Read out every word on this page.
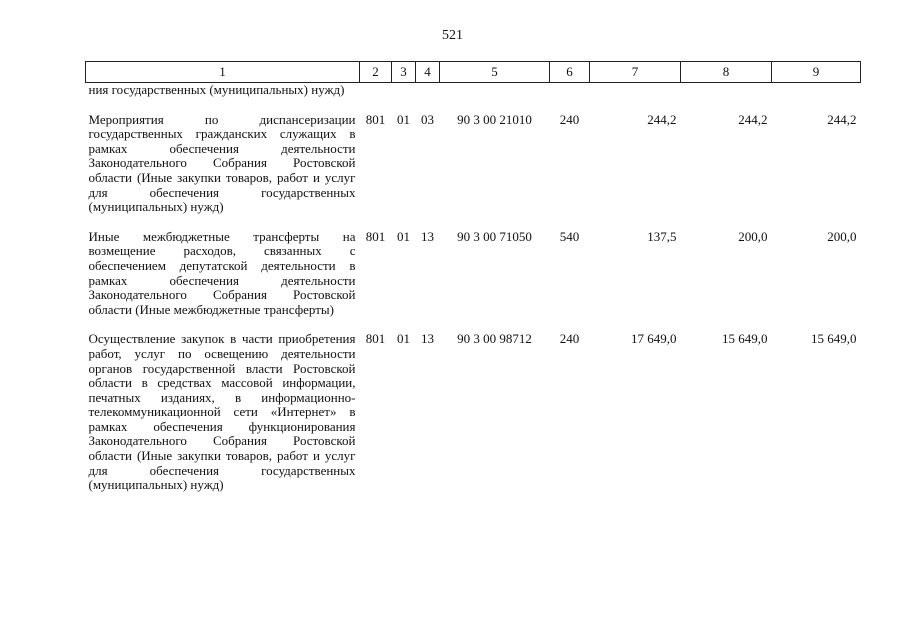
521
1	2	3	4	5	6	7	8	9
ния государственных (муниципальных) нужд)								
Мероприятия по диспансеризации государственных гражданских служащих в рамках обеспечения деятельности Законодательного Собрания Ростовской области (Иные закупки товаров, работ и услуг для обеспечения государственных (муниципальных) нужд)	801	01	03	90 3 00 21010	240	244,2	244,2	244,2
Иные межбюджетные трансферты на возмещение расходов, связанных с обеспечением депутатской деятельности в рамках обеспечения деятельности Законодательного Собрания Ростовской области (Иные межбюджетные трансферты)	801	01	13	90 3 00 71050	540	137,5	200,0	200,0
Осуществление закупок в части приобретения работ, услуг по освещению деятельности органов государственной власти Ростовской области в средствах массовой информации, печатных изданиях, в информационно-телекоммуникационной сети «Интернет» в рамках обеспечения функционирования Законодательного Собрания Ростовской области (Иные закупки товаров, работ и услуг для обеспечения государственных (муниципальных) нужд)	801	01	13	90 3 00 98712	240	17 649,0	15 649,0	15 649,0
